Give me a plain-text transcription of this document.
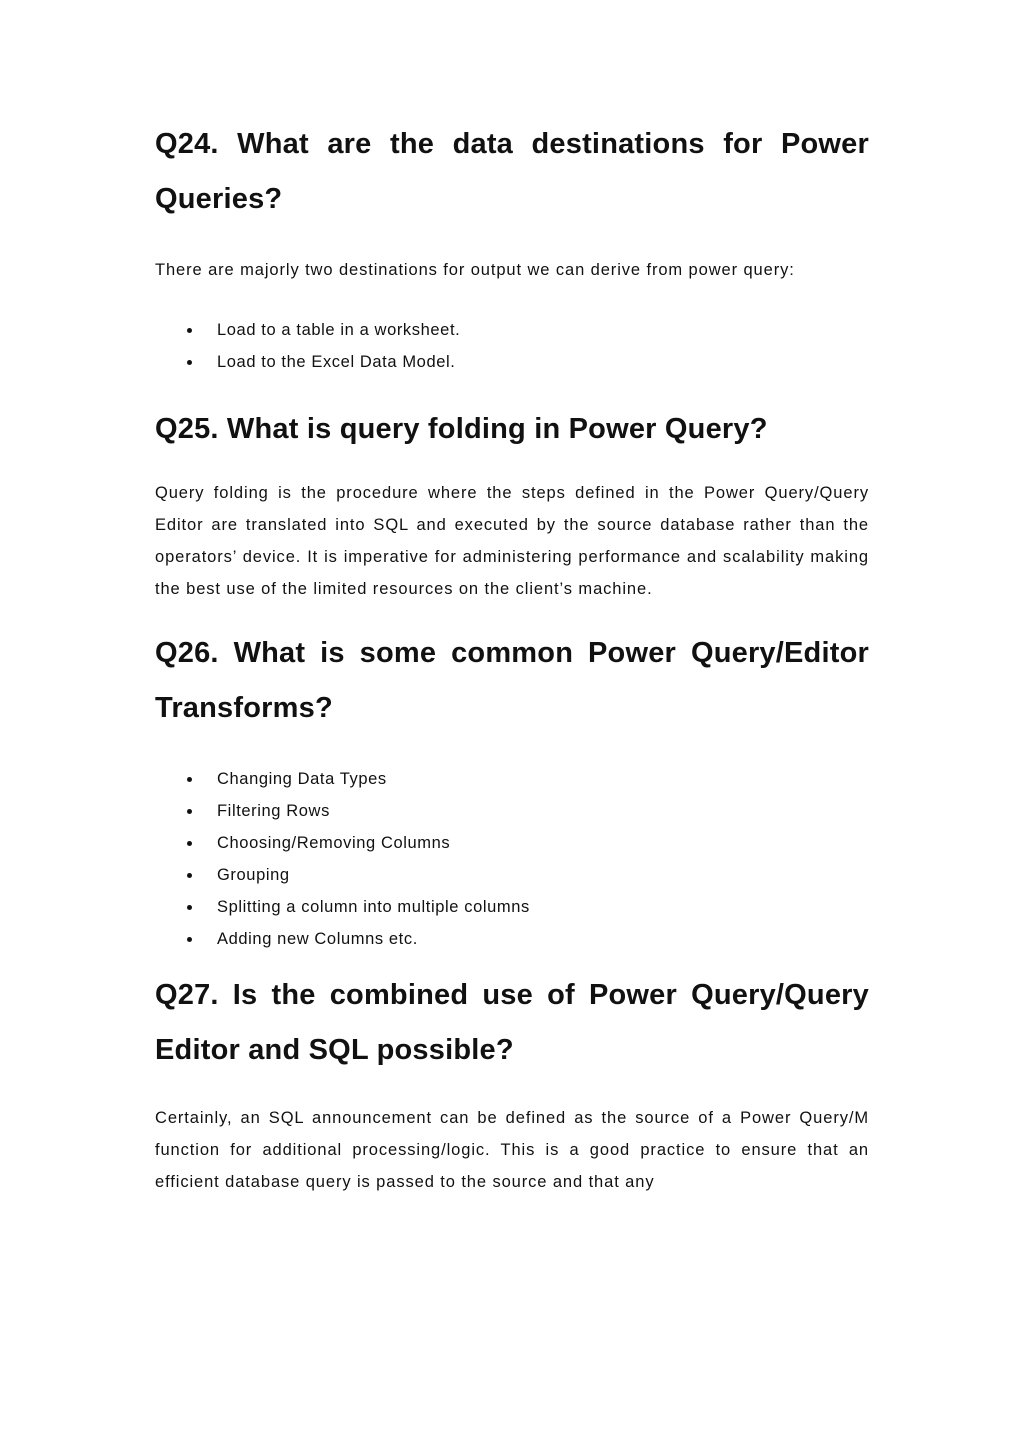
Q24. What are the data destinations for Power Queries?

There are majorly two destinations for output we can derive from power query:

Load to a table in a worksheet.
Load to the Excel Data Model.
Q25. What is query folding in Power Query?

Query folding is the procedure where the steps defined in the Power Query/Query Editor are translated into SQL and executed by the source database rather than the operators’ device. It is imperative for administering performance and scalability making the best use of the limited resources on the client’s machine.

Q26. What is some common Power Query/Editor Transforms?
Changing Data Types
Filtering Rows
Choosing/Removing Columns
Grouping
Splitting a column into multiple columns
Adding new Columns etc.
Q27. Is the combined use of Power Query/Query Editor and SQL possible?

Certainly, an SQL announcement can be defined as the source of a Power Query/M function for additional processing/logic. This is a good practice to ensure that an efficient database query is passed to the source and that any
